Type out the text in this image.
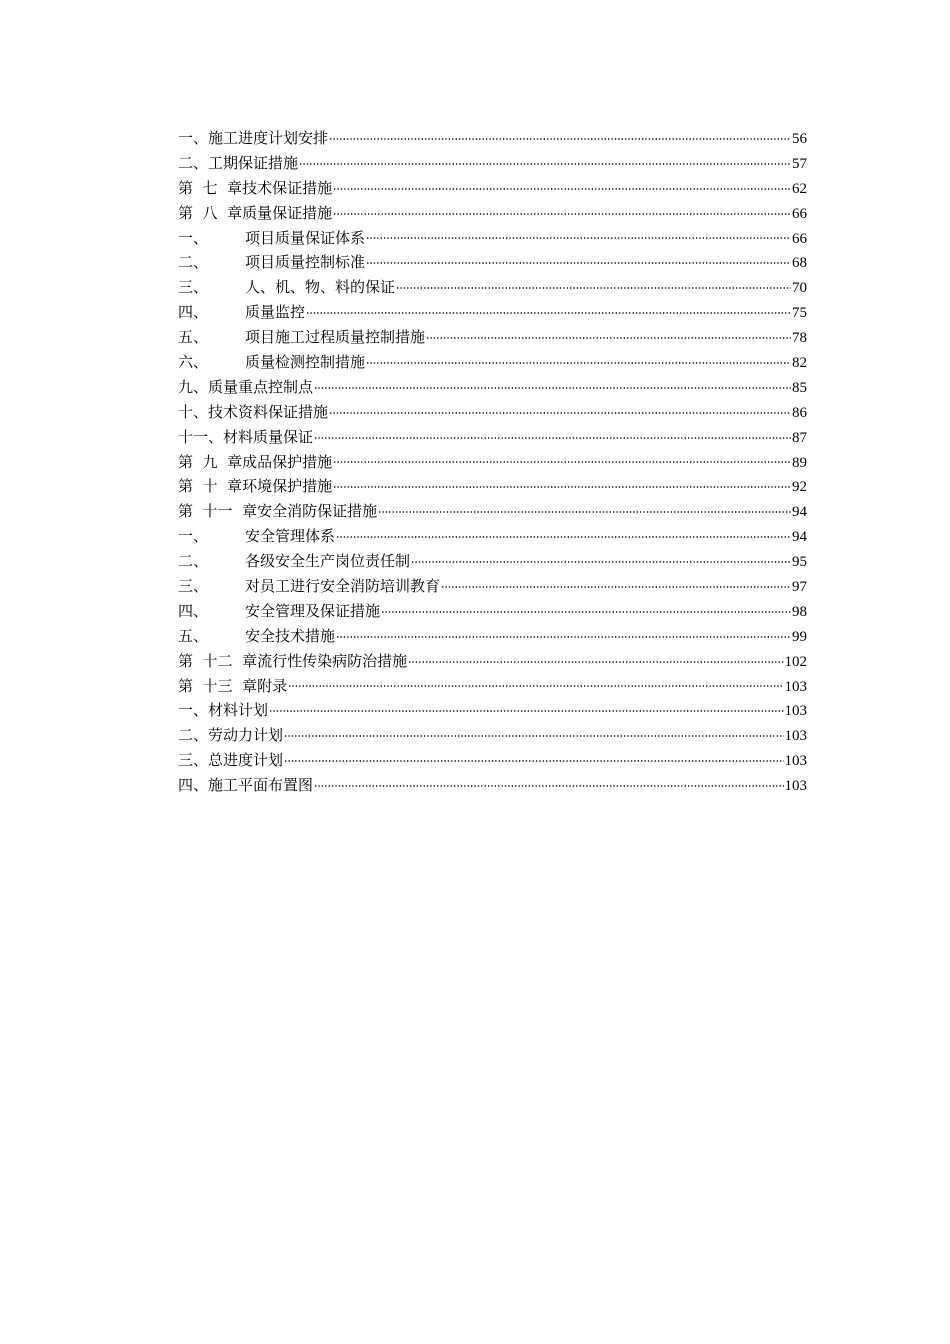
一、 施工进度计划安排	56
二、 工期保证措施	57
第  七 章技术保证措施	62
第  八 章质量保证措施	66
一、	项目质量保证体系	66
二、	项目质量控制标准	68
三、	人、机、物、料的保证	70
四、	质量监控	75
五、	项目施工过程质量控制措施	78
六、	质量检测控制措施	82
九、 质量重点控制点	85
十、 技术资料保证措施	86
十一、 材料质量保证	87
第  九 章成品保护措施	89
第  十 章环境保护措施	92
第  十一 章安全消防保证措施	94
一、	安全管理体系	94
二、	各级安全生产岗位责任制	95
三、	对员工进行安全消防培训教育	97
四、	安全管理及保证措施	98
五、	安全技术措施	99
第  十二 章流行性传染病防治措施	102
第  十三 章附录	103
一、 材料计划	103
二、 劳动力计划	103
三、 总进度计划	103
四、 施工平面布置图	103
